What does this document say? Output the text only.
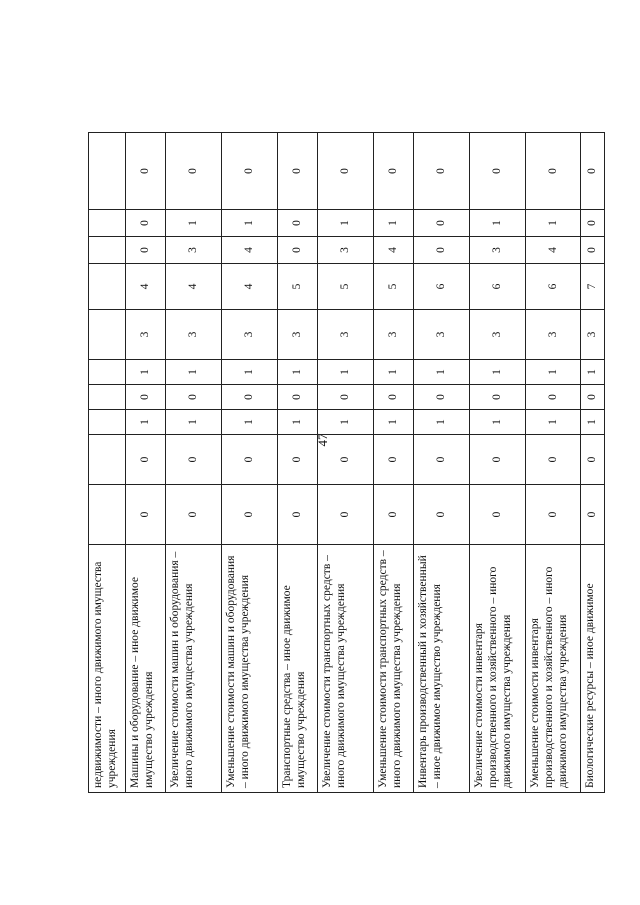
47
недвижимости – иного движимого имущества учреждения										
Машины и оборудование – иное движимое имущество учреждения	0	0	1	0	1	3	4	0	0	0
Увеличение стоимости машин и оборудования – иного движимого имущества учреждения	0	0	1	0	1	3	4	3	1	0
Уменьшение стоимости машин и оборудования – иного движимого имущества учреждения	0	0	1	0	1	3	4	4	1	0
Транспортные средства – иное движимое имущество учреждения	0	0	1	0	1	3	5	0	0	0
Увеличение стоимости транспортных средств – иного движимого имущества учреждения	0	0	1	0	1	3	5	3	1	0
Уменьшение стоимости транспортных средств – иного движимого имущества учреждения	0	0	1	0	1	3	5	4	1	0
Инвентарь производственный и хозяйственный – иное движимое имущество учреждения	0	0	1	0	1	3	6	0	0	0
Увеличение стоимости инвентаря производственного и хозяйственного – иного движимого имущества учреждения	0	0	1	0	1	3	6	3	1	0
Уменьшение стоимости инвентаря производственного и хозяйственного – иного движимого имущества учреждения	0	0	1	0	1	3	6	4	1	0
Биологические ресурсы – иное движимое	0	0	1	0	1	3	7	0	0	0
